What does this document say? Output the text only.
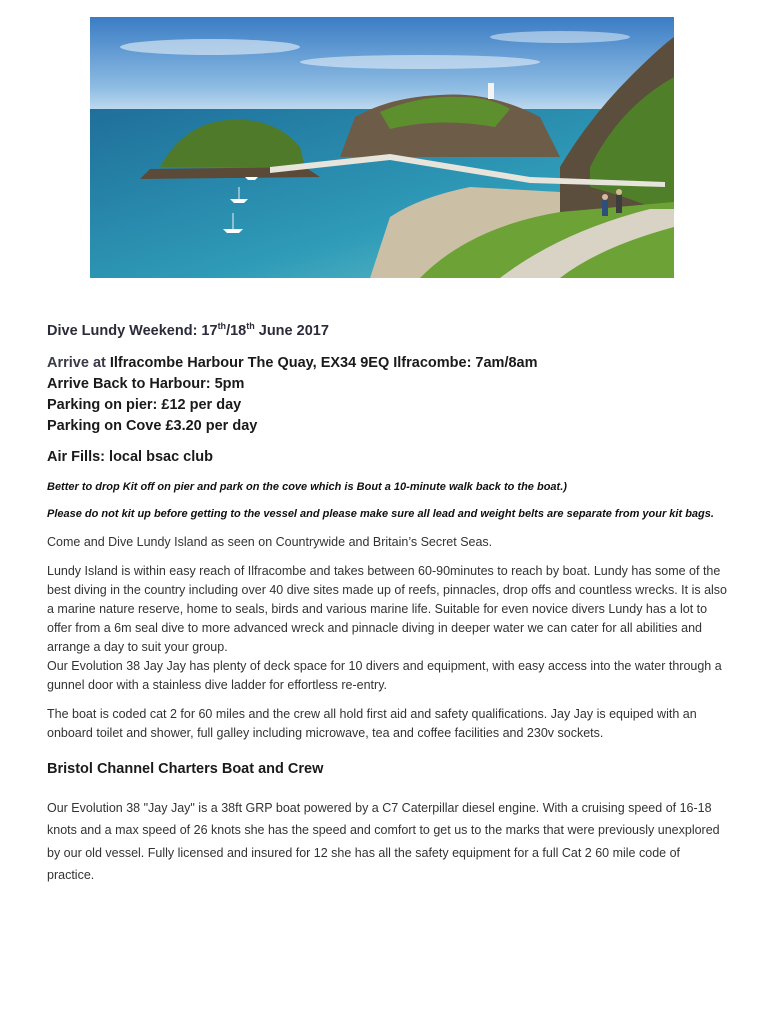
Dive Lundy Weekend: 17th/18th June 2017
Arrive at Ilfracombe Harbour The Quay, EX34 9EQ Ilfracombe: 7am/8am
Arrive Back to Harbour: 5pm
Parking on pier: £12 per day
Parking on Cove £3.20 per day
Air Fills: local bsac club

Better to drop Kit off on pier and park on the cove which is Bout a 10-minute walk back to the boat.)

Please do not kit up before getting to the vessel and please make sure all lead and weight belts are separate from your kit bags.

Come and Dive Lundy Island as seen on Countrywide and Britain’s Secret Seas.

Lundy Island is within easy reach of Ilfracombe and takes between 60-90minutes to reach by boat. Lundy has some of the best diving in the country including over 40 dive sites made up of reefs, pinnacles, drop offs and countless wrecks. It is also a marine nature reserve, home to seals, birds and various marine life. Suitable for even novice divers Lundy has a lot to offer from a 6m seal dive to more advanced wreck and pinnacle diving in deeper water we can cater for all abilities and arrange a day to suit your group.
Our Evolution 38 Jay Jay has plenty of deck space for 10 divers and equipment, with easy access into the water through a gunnel door with a stainless dive ladder for effortless re-entry.

The boat is coded cat 2 for 60 miles and the crew all hold first aid and safety qualifications. Jay Jay is equiped with an onboard toilet and shower, full galley including microwave, tea and coffee facilities and 230v sockets.

Bristol Channel Charters Boat and Crew

Our Evolution 38 "Jay Jay" is a 38ft GRP boat powered by a C7 Caterpillar diesel engine. With a cruising speed of 16-18 knots and a max speed of 26 knots she has the speed and comfort to get us to the marks that were previously unexplored by our old vessel. Fully licensed and insured for 12 she has all the safety equipment for a full Cat 2 60 mile code of practice.
